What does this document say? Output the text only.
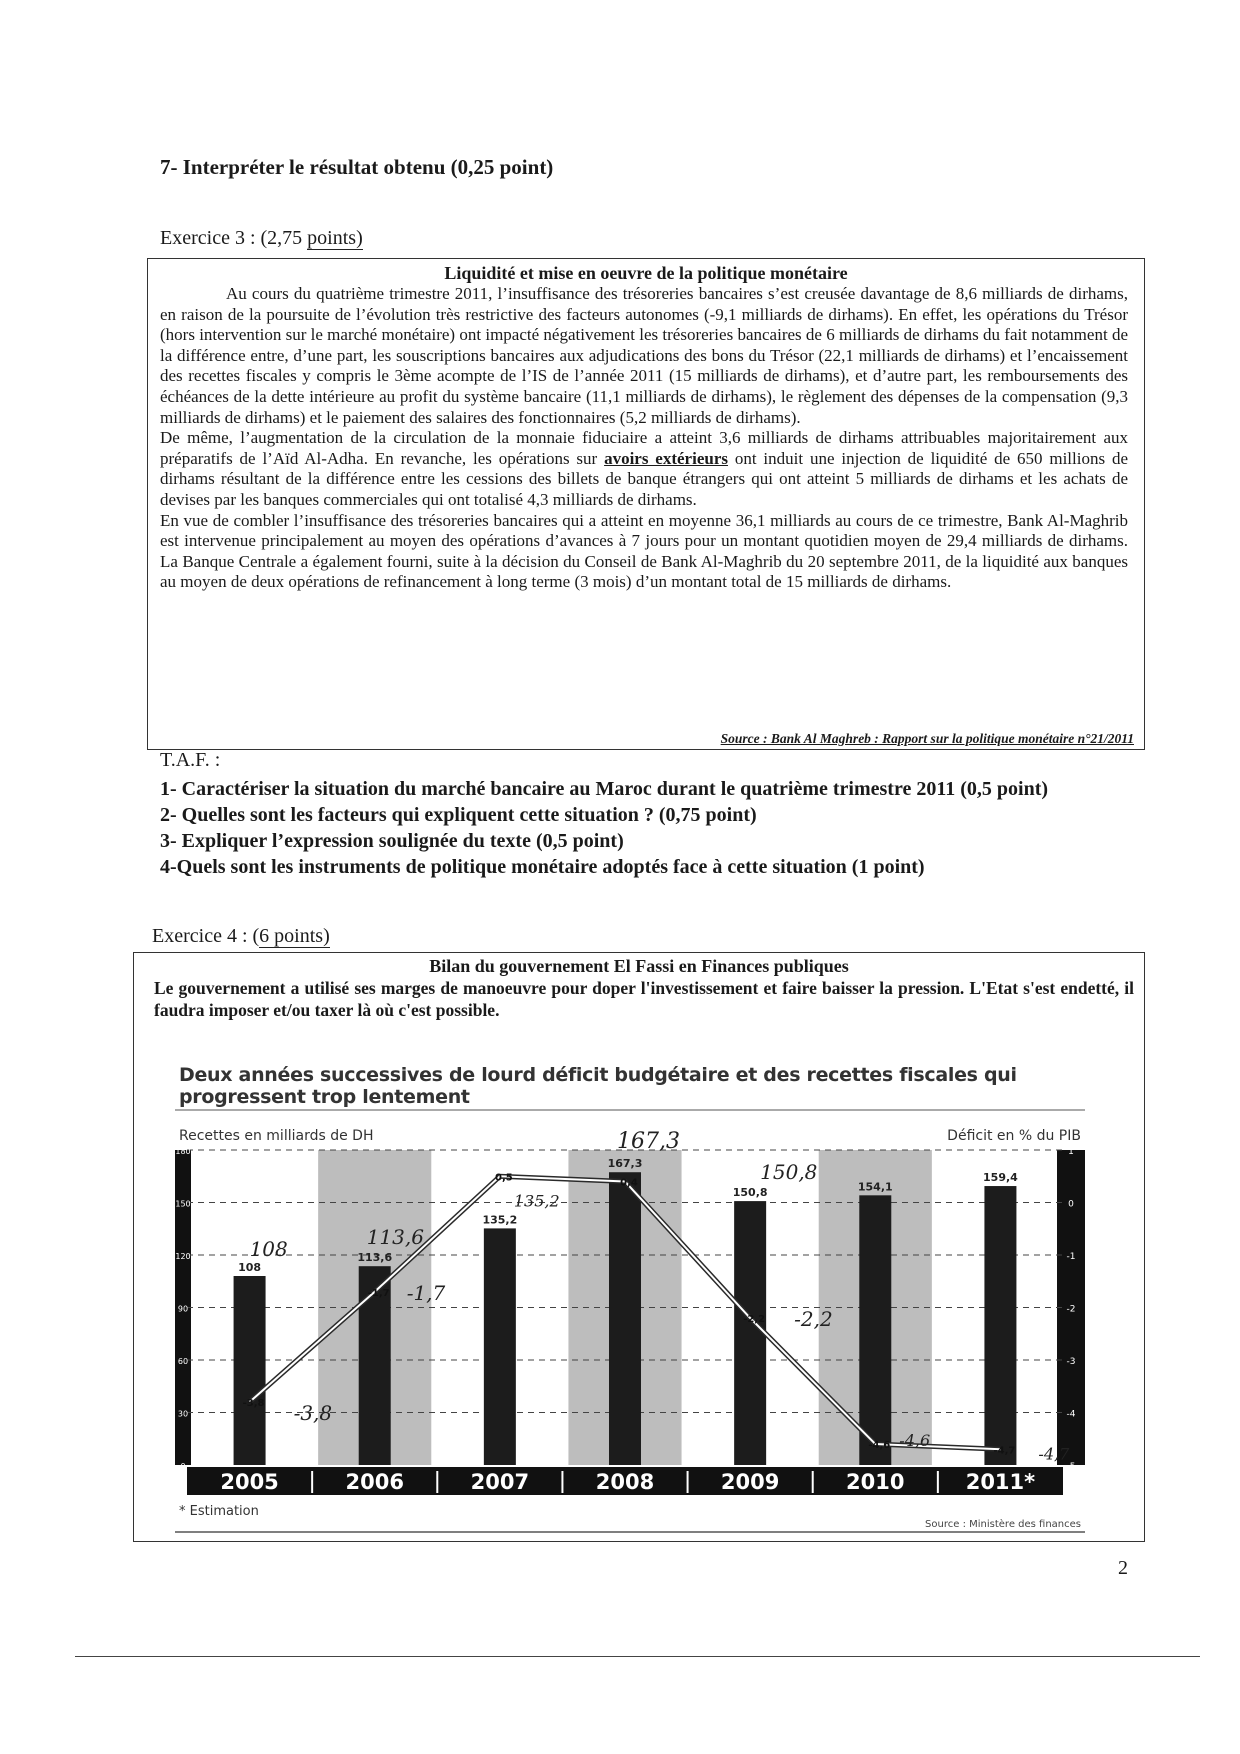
7- Interpréter le résultat obtenu (0,25 point)
Exercice 3 : (2,75 points)
Liquidité et mise en oeuvre de la politique monétaire

Au cours du quatrième trimestre 2011, l’insuffisance des trésoreries bancaires s’est creusée davantage de 8,6 milliards de dirhams, en raison de la poursuite de l’évolution très restrictive des facteurs autonomes (-9,1 milliards de dirhams). En effet, les opérations du Trésor (hors intervention sur le marché monétaire) ont impacté négativement les trésoreries bancaires de 6 milliards de dirhams du fait notamment de la différence entre, d’une part, les souscriptions bancaires aux adjudications des bons du Trésor (22,1 milliards de dirhams) et l’encaissement des recettes fiscales y compris le 3ème acompte de l’IS de l’année 2011 (15 milliards de dirhams), et d’autre part, les remboursements des échéances de la dette intérieure au profit du système bancaire (11,1 milliards de dirhams), le règlement des dépenses de la compensation (9,3 milliards de dirhams) et le paiement des salaires des fonctionnaires (5,2 milliards de dirhams).

De même, l’augmentation de la circulation de la monnaie fiduciaire a atteint 3,6 milliards de dirhams attribuables majoritairement aux préparatifs de l’Aïd Al-Adha. En revanche, les opérations sur avoirs extérieurs ont induit une injection de liquidité de 650 millions de dirhams résultant de la différence entre les cessions des billets de banque étrangers qui ont atteint 5 milliards de dirhams et les achats de devises par les banques commerciales qui ont totalisé 4,3 milliards de dirhams.

En vue de combler l’insuffisance des trésoreries bancaires qui a atteint en moyenne 36,1 milliards au cours de ce trimestre, Bank Al-Maghrib est intervenue principalement au moyen des opérations d’avances à 7 jours pour un montant quotidien moyen de 29,4 milliards de dirhams. La Banque Centrale a également fourni, suite à la décision du Conseil de Bank Al-Maghrib du 20 septembre 2011, de la liquidité aux banques au moyen de deux opérations de refinancement à long terme (3 mois) d’un montant total de 15 milliards de dirhams.

Source : Bank Al Maghreb : Rapport sur la politique monétaire n°21/2011
T.A.F. :
1- Caractériser la situation du marché bancaire au Maroc durant le quatrième trimestre 2011 (0,5 point)
2- Quelles sont les facteurs qui expliquent cette situation ? (0,75 point)
3- Expliquer l’expression soulignée du texte (0,5 point)
4-Quels sont les instruments de politique monétaire adoptés face à cette situation (1 point)
Exercice 4 : (6 points)
Bilan du gouvernement El Fassi en Finances publiques
Le gouvernement a utilisé ses marges de manoeuvre pour doper l'investissement et faire baisser la pression. L'Etat s'est endetté, il faudra imposer et/ou taxer là où c'est possible.
Deux années successives de lourd déficit budgétaire et des recettes fiscales qui progressent trop lentement
Recettes en milliards de DH	Déficit en % du PIB
0
30
60
90
120
150
180	1
0
-1
-2
-3
-4
-5
108
113,6
135,2
167,3
150,8	154,1
159,4
-3,8
-1,7
0,5	0,4
-2,2
-4,6	-4,7
108	113,6
135,2
167,3
150,8
-3,8
-1,7
-2,2
-4,6
-4,7
2005	2006	2007	2008	2009	2010	2011*
* Estimation
Source : Ministère des finances
2
